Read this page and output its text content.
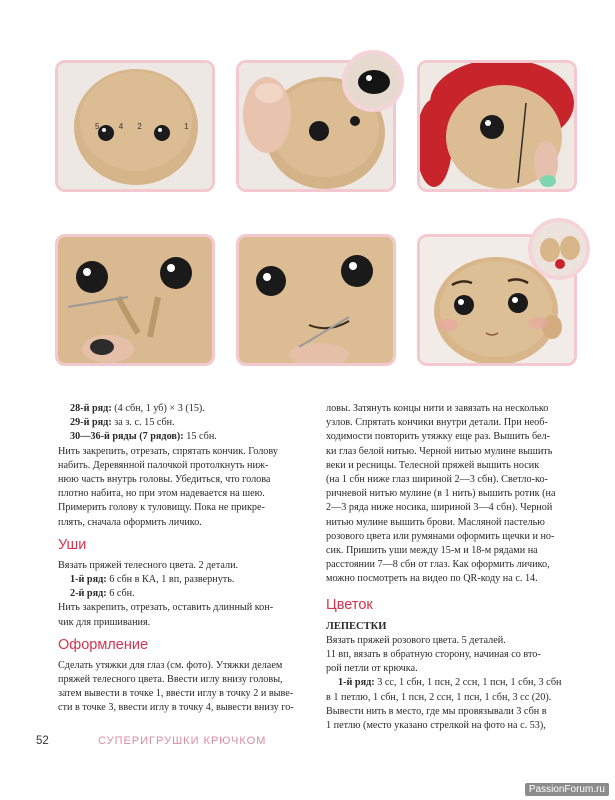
5 4 2	1
28-й ряд: (4 сбн, 1 уб) × 3 (15).
29-й ряд: за з. с. 15 сбн.
30—36-й ряды (7 рядов): 15 сбн.
Нить закрепить, отрезать, спрятать кончик. Голову
набить. Деревянной палочкой протолкнуть ниж-
нюю часть внутрь головы. Убедиться, что голова
плотно набита, но при этом надевается на шею.
Примерить голову к туловищу. Пока не прикре-
плять, сначала оформить личико.
Уши
Вязать пряжей телесного цвета. 2 детали.
1-й ряд: 6 сбн в КА, 1 вп, развернуть.
2-й ряд: 6 сбн.
Нить закрепить, отрезать, оставить длинный кон-
чик для пришивания.
Оформление
Сделать утяжки для глаз (см. фото). Утяжки делаем
пряжей телесного цвета. Ввести иглу внизу головы,
затем вывести в точке 1, ввести иглу в точку 2 и выве-
сти в точке 3, ввести иглу в точку 4, вывести внизу го-
ловы. Затянуть концы нити и завязать на несколько
узлов. Спрятать кончики внутри детали. При необ-
ходимости повторить утяжку еще раз. Вышить бел-
ки глаз белой нитью. Черной нитью мулине вышить
веки и ресницы. Телесной пряжей вышить носик
(на 1 сбн ниже глаз шириной 2—3 сбн). Светло-ко-
ричневой нитью мулине (в 1 нить) вышить ротик (на
2—3 ряда ниже носика, шириной 3—4 сбн). Черной
нитью мулине вышить брови. Масляной пастелью
розового цвета или румянами оформить щечки и но-
сик. Пришить уши между 15-м и 18-м рядами на
расстоянии 7—8 сбн от глаз. Как оформить личико,
можно посмотреть на видео по QR-коду на с. 14.
Цветок
ЛЕПЕСТКИ
Вязать пряжей розового цвета. 5 деталей.
11 вп, вязать в обратную сторону, начиная со вто-
рой петли от крючка.
1-й ряд: 3 сс, 1 сбн, 1 псн, 2 ссн, 1 псн, 1 сбн, 3 сбн
в 1 петлю, 1 сбн, 1 псн, 2 ссн, 1 псн, 1 сбн, 3 сс (20).
Вывести нить в место, где мы провязывали 3 сбн в
1 петлю (место указано стрелкой на фото на с. 53),
52	СУПЕРИГРУШКИ КРЮЧКОМ
PassionForum.ru
